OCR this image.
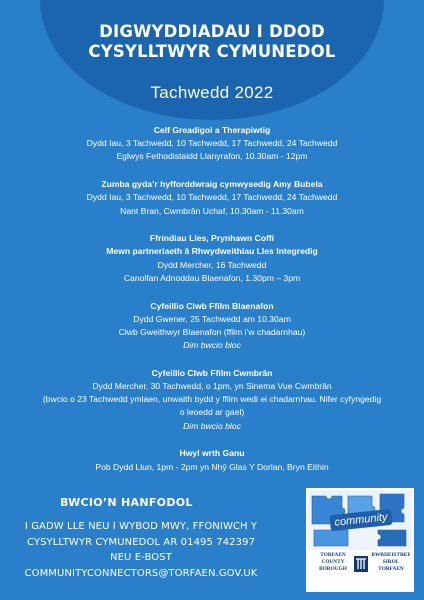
DIGWYDDIADAU I DDOD
CYSYLLTWYR CYMUNEDOL
Tachwedd 2022
Celf Greadigol a Therapiwtig
Dydd Iau, 3 Tachwedd, 10 Tachwedd, 17 Tachwedd, 24 Tachwedd
Eglwys Fethodistaidd Llanyrafon, 10.30am - 12pm
Zumba gyda’r hyfforddwraig cymwysedig Amy Bubela
Dydd Iau, 3 Tachwedd, 10 Tachwedd, 17 Tachwedd, 24 Tachwedd
Nant Bran, Cwmbrân Uchaf, 10.30am - 11.30am
Ffrindiau Lles, Prynhawn Coffi
Mewn partneriaeth â Rhwydweithiau Lles Integredig
Dydd Mercher, 16 Tachwedd
Canolfan Adnoddau Blaenafon, 1.30pm – 3pm
Cyfeillio Clwb Ffilm Blaenafon
Dydd Gwener, 25 Tachwedd am 10.30am
Clwb Gweithwyr Blaenafon (ffilm i’w chadarnhau)
Dim bwcio bloc
Cyfeillio Clwb Ffilm Cwmbrân
Dydd Mercher, 30 Tachwedd, o 1pm, yn Sinema Vue Cwmbrân
(bwcio o 23 Tachwedd ymlaen, unwaith bydd y ffilm wedi ei chadarnhau. Nifer cyfyngedig
o leoedd ar gael)
Dim bwcio bloc
Hwyl wrth Ganu
Pob Dydd Llun, 1pm - 2pm yn Nhŷ Glas Y Dorlan, Bryn Eithin
BWCIO’N HANFODOL
I GADW LLE NEU I WYBOD MWY, FFONIWCH Y
CYSYLLTWYR CYMUNEDOL AR 01495 742397
NEU E-BOST
COMMUNITYCONNECTORS@TORFAEN.GOV.UK
community
TORFAEN
COUNTY
BOROUGH
BWRDEISTREF
SIROL
TORFAEN
